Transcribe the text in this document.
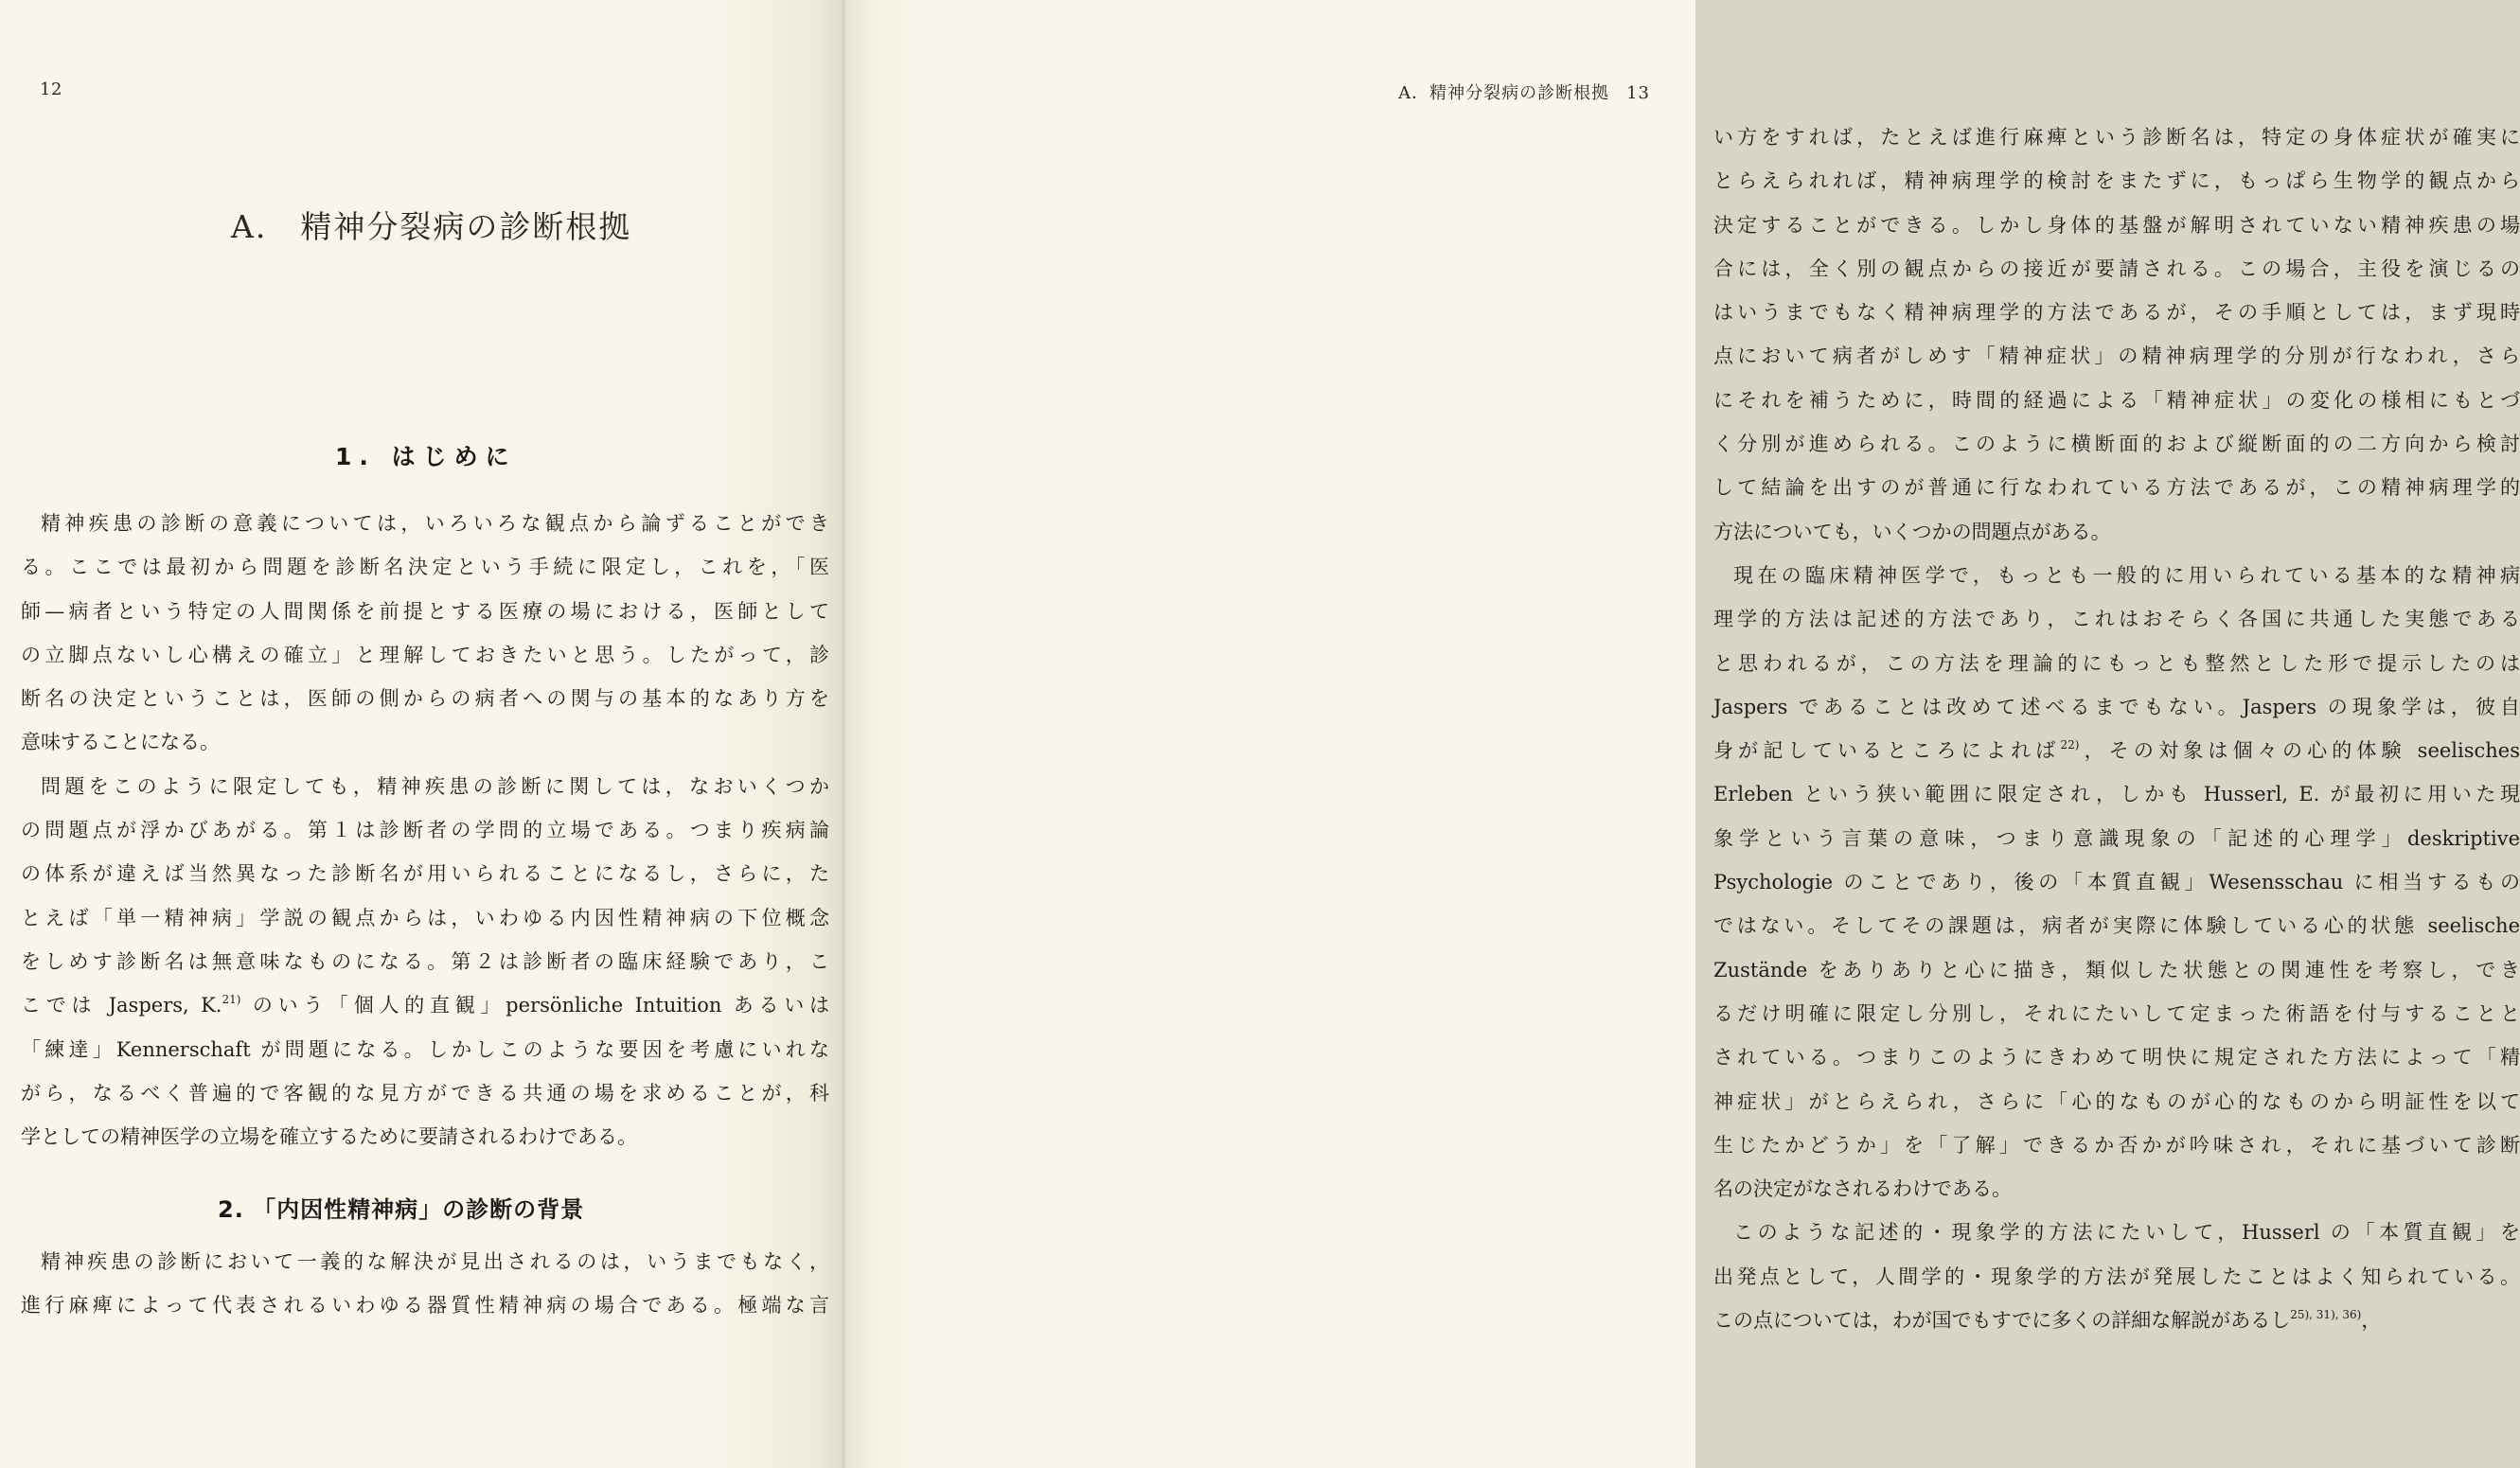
12
A.　精神分裂病の診断根拠
1. はじめに
精神疾患の診断の意義については，いろいろな観点から論ずることができ
る。ここでは最初から問題を診断名決定という手続に限定し，これを，「医
師—病者という特定の人間関係を前提とする医療の場における，医師として
の立脚点ないし心構えの確立」と理解しておきたいと思う。したがって，診
断名の決定ということは，医師の側からの病者への関与の基本的なあり方を
意味することになる。
問題をこのように限定しても，精神疾患の診断に関しては，なおいくつか
の問題点が浮かびあがる。第１は診断者の学問的立場である。つまり疾病論
の体系が違えば当然異なった診断名が用いられることになるし，さらに，た
とえば「単一精神病」学説の観点からは，いわゆる内因性精神病の下位概念
をしめす診断名は無意味なものになる。第２は診断者の臨床経験であり，こ
こでは Jaspers, K.$^{21)}$ のいう「個人的直観」persönliche Intuition あるいは
「練達」Kennerschaft が問題になる。しかしこのような要因を考慮にいれな
がら，なるべく普遍的で客観的な見方ができる共通の場を求めることが，科
学としての精神医学の立場を確立するために要請されるわけである。
2. 「内因性精神病」の診断の背景
精神疾患の診断において一義的な解決が見出されるのは，いうまでもなく，
進行麻痺によって代表されるいわゆる器質性精神病の場合である。極端な言
A．精神分裂病の診断根拠 13
い方をすれば，たとえば進行麻痺という診断名は，特定の身体症状が確実に
とらえられれば，精神病理学的検討をまたずに，もっぱら生物学的観点から
決定することができる。しかし身体的基盤が解明されていない精神疾患の場
合には，全く別の観点からの接近が要請される。この場合，主役を演じるの
はいうまでもなく精神病理学的方法であるが，その手順としては，まず現時
点において病者がしめす「精神症状」の精神病理学的分別が行なわれ，さら
にそれを補うために，時間的経過による「精神症状」の変化の様相にもとづ
く分別が進められる。このように横断面的および縦断面的の二方向から検討
して結論を出すのが普通に行なわれている方法であるが，この精神病理学的
方法についても，いくつかの問題点がある。
現在の臨床精神医学で，もっとも一般的に用いられている基本的な精神病
理学的方法は記述的方法であり，これはおそらく各国に共通した実態である
と思われるが，この方法を理論的にもっとも整然とした形で提示したのは
Jaspers であることは改めて述べるまでもない。Jaspers の現象学は，彼自
身が記しているところによれば$^{22)}$，その対象は個々の心的体験 seelisches
Erleben という狭い範囲に限定され，しかも Husserl, E. が最初に用いた現
象学という言葉の意味，つまり意識現象の「記述的心理学」deskriptive
Psychologie のことであり，後の「本質直観」Wesensschau に相当するもの
ではない。そしてその課題は，病者が実際に体験している心的状態 seelische
Zustände をありありと心に描き，類似した状態との関連性を考察し，でき
るだけ明確に限定し分別し，それにたいして定まった術語を付与することと
されている。つまりこのようにきわめて明快に規定された方法によって「精
神症状」がとらえられ，さらに「心的なものが心的なものから明証性を以て
生じたかどうか」を「了解」できるか否かが吟味され，それに基づいて診断
名の決定がなされるわけである。
このような記述的・現象学的方法にたいして，Husserl の「本質直観」を
出発点として，人間学的・現象学的方法が発展したことはよく知られている。
この点については，わが国でもすでに多くの詳細な解説があるし$^{25), 31), 36)}$，
